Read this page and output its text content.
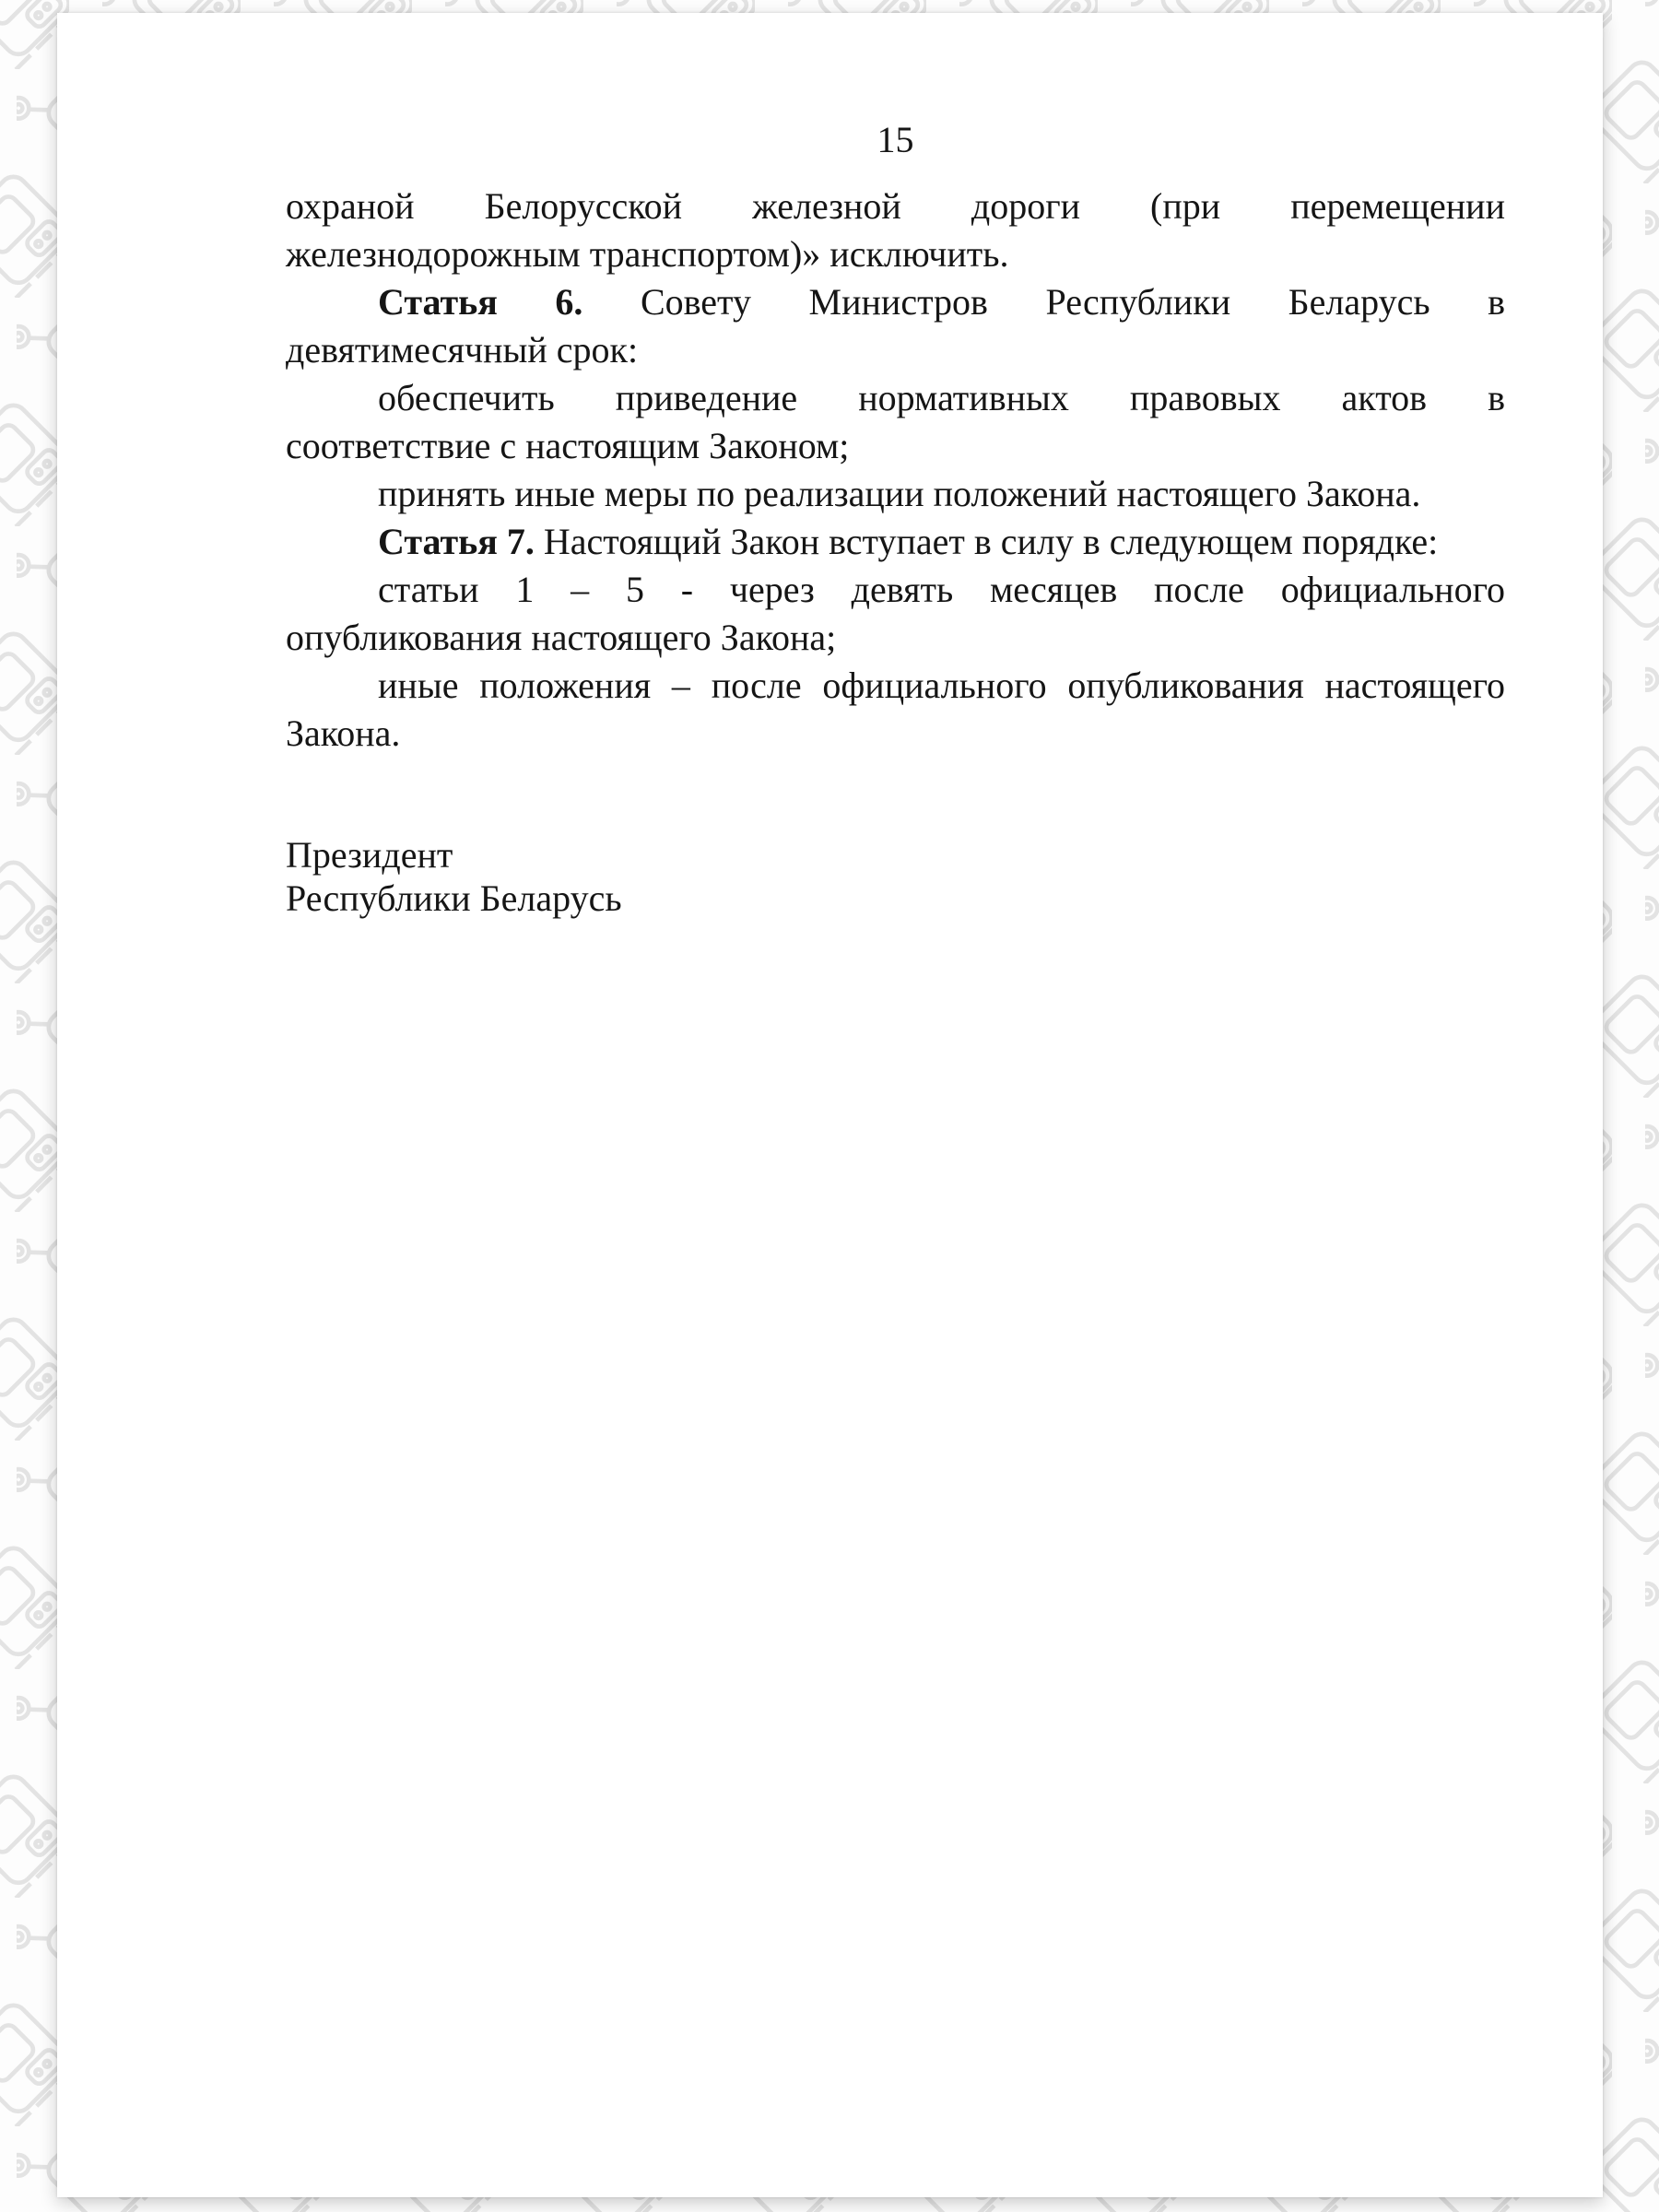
15
охраной Белорусской железной дороги (при перемещении
железнодорожным транспортом)» исключить.
Статья 6. Совету Министров Республики Беларусь в
девятимесячный срок:
обеспечить приведение нормативных правовых актов в
соответствие с настоящим Законом;
принять иные меры по реализации положений настоящего Закона.
Статья 7. Настоящий Закон вступает в силу в следующем порядке:
статьи 1 – 5 - через девять месяцев после официального
опубликования настоящего Закона;
иные положения – после официального опубликования настоящего
Закона.
Президент
Республики Беларусь
